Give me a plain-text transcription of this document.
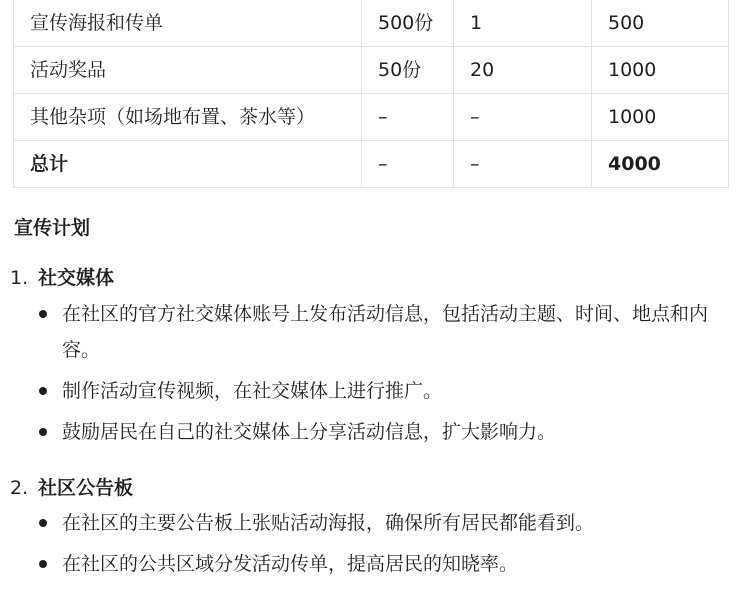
宣传海报和传单	500份	1	500
活动奖品	50份	20	1000
其他杂项（如场地布置、茶水等）	–	–	1000
总计	–	–	4000
宣传计划
1. 社交媒体
在社区的官方社交媒体账号上发布活动信息，包括活动主题、时间、地点和内容。
制作活动宣传视频，在社交媒体上进行推广。
鼓励居民在自己的社交媒体上分享活动信息，扩大影响力。
2. 社区公告板
在社区的主要公告板上张贴活动海报，确保所有居民都能看到。
在社区的公共区域分发活动传单，提高居民的知晓率。
